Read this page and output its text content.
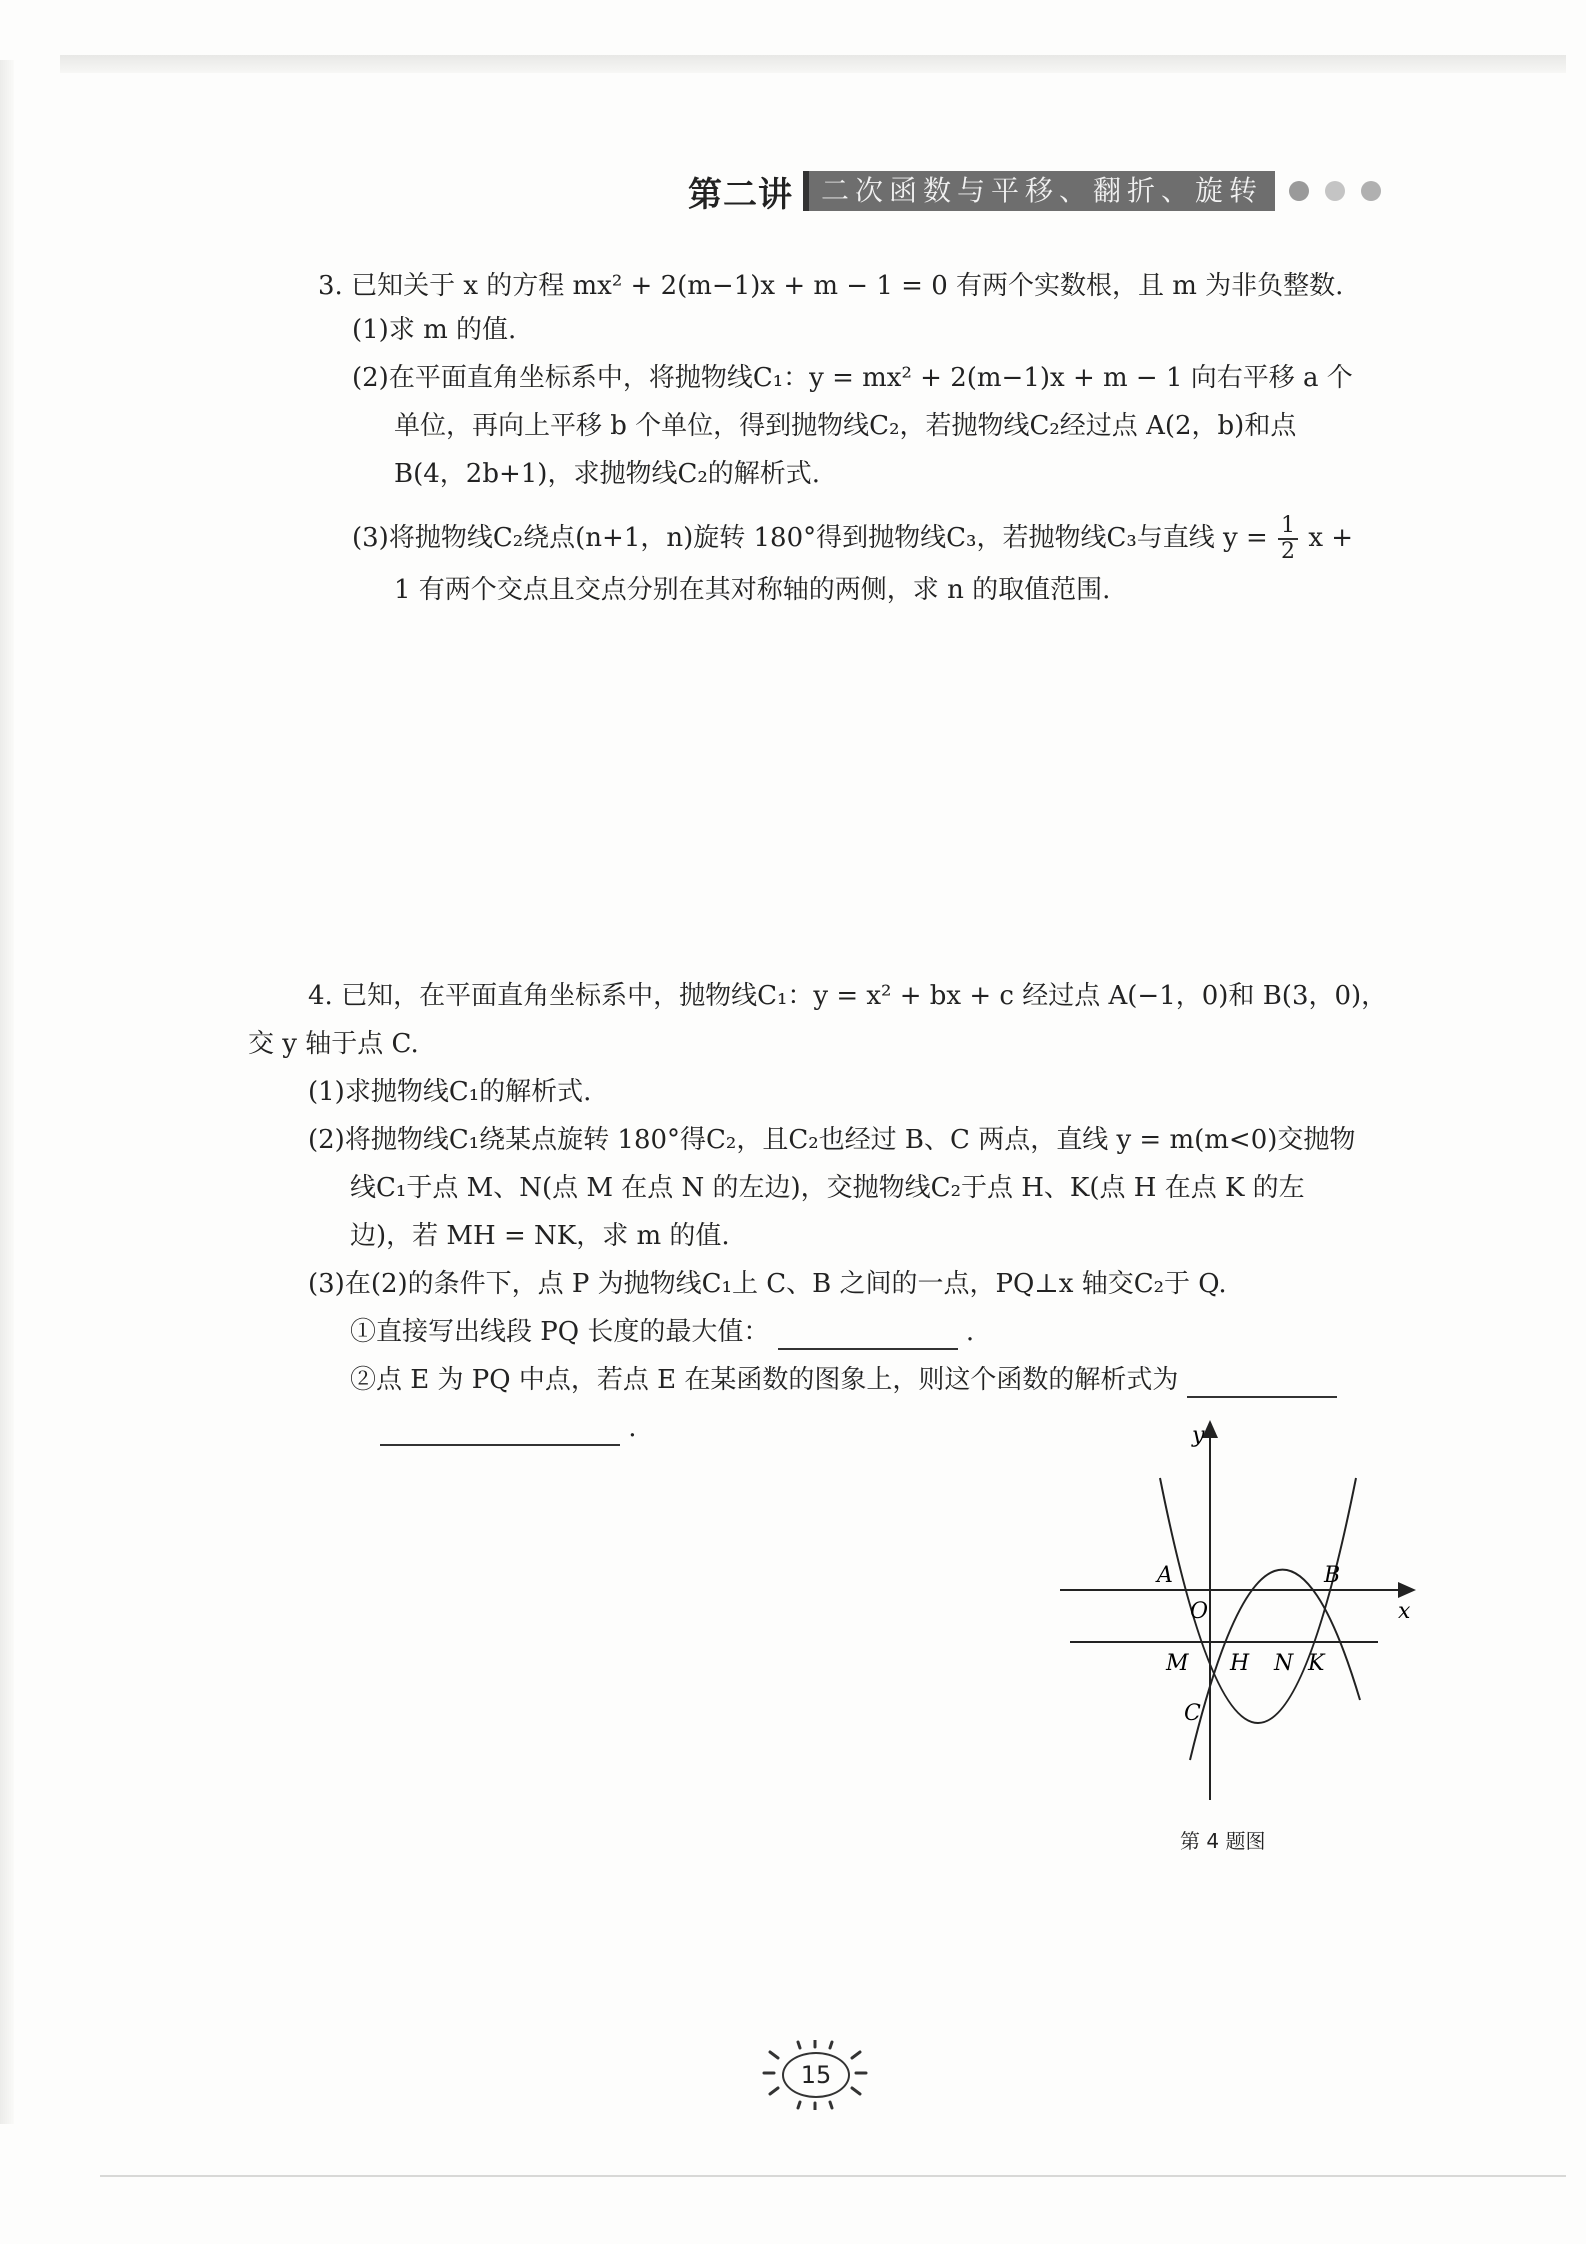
第二讲	二次函数与平移、翻折、旋转
3. 已知关于 x 的方程 mx² + 2(m−1)x + m − 1 = 0 有两个实数根，且 m 为非负整数.
(1)求 m 的值.
(2)在平面直角坐标系中，将抛物线C₁：y = mx² + 2(m−1)x + m − 1 向右平移 a 个
单位，再向上平移 b 个单位，得到抛物线C₂，若抛物线C₂经过点 A(2，b)和点
B(4，2b+1)，求抛物线C₂的解析式.
(3)将抛物线C₂绕点(n+1，n)旋转 180°得到抛物线C₃，若抛物线C₃与直线 $y = \frac{1}{2}$ x +
1 有两个交点且交点分别在其对称轴的两侧，求 n 的取值范围.
4. 已知，在平面直角坐标系中，抛物线C₁：y = x² + bx + c 经过点 A(−1，0)和 B(3，0)，
交 y 轴于点 C.
(1)求抛物线C₁的解析式.
(2)将抛物线C₁绕某点旋转 180°得C₂，且C₂也经过 B、C 两点，直线 y = m(m<0)交抛物
线C₁于点 M、N(点 M 在点 N 的左边)，交抛物线C₂于点 H、K(点 H 在点 K 的左
边)，若 MH = NK，求 m 的值.
(3)在(2)的条件下，点 P 为抛物线C₁上 C、B 之间的一点，PQ⊥x 轴交C₂于 Q.
①直接写出线段 PQ 长度的最大值：	.
②点 E 为 PQ 中点，若点 E 在某函数的图象上，则这个函数的解析式为
.	y
x
A	B
O
M H N K
C
第 4 题图
15
